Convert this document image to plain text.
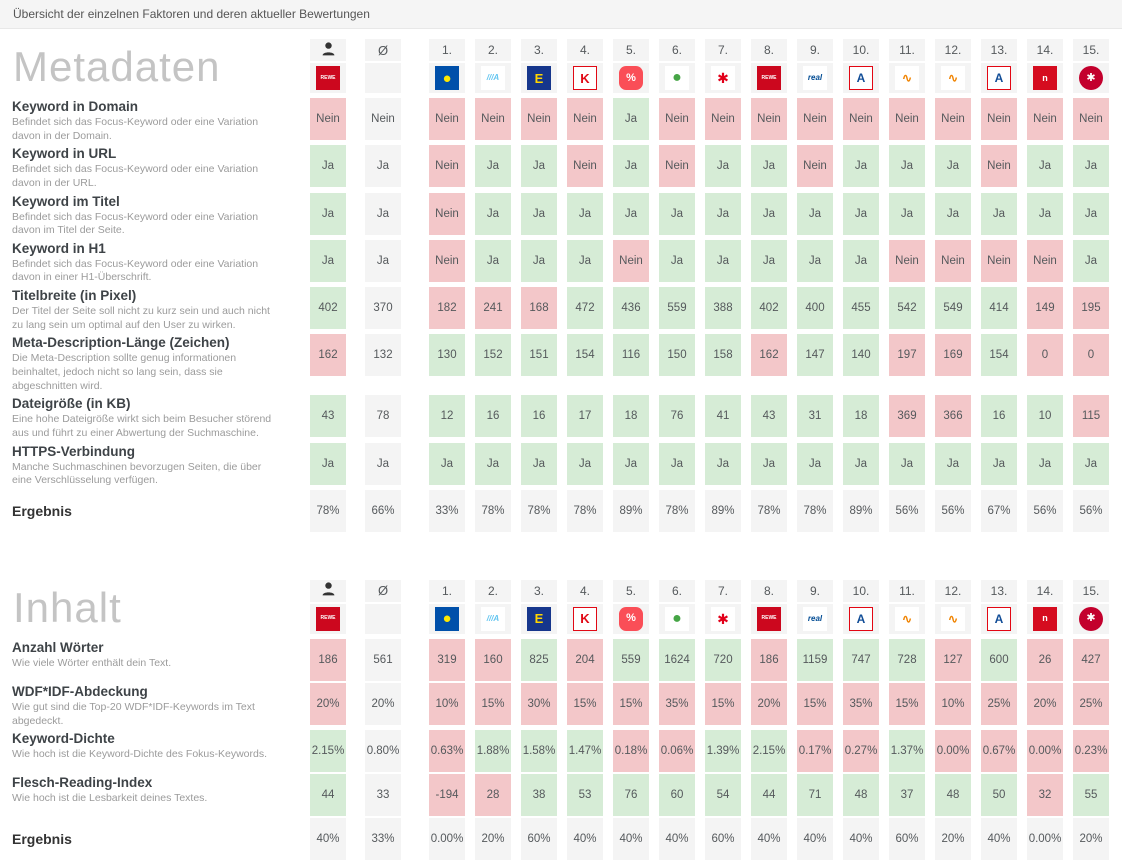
Übersicht der einzelnen Faktoren und deren aktueller Bewertungen
Metadaten	Ø	1.	2.	3.	4.	5.	6.	7.	8.	9.	10.	11.	12.	13.	14.	15.
REWE	●	///A	E	K	%	●	✱	REWE	real	A	∿	∿	A	n	✱
Keyword in Domain

Befindet sich das Focus-Keyword oder eine Variation davon in der Domain.

Nein	Nein	Nein	Nein	Nein	Nein	Ja	Nein	Nein	Nein	Nein	Nein	Nein	Nein	Nein	Nein	Nein
Keyword in URL

Befindet sich das Focus-Keyword oder eine Variation davon in der URL.

Ja	Ja	Nein	Ja	Ja	Nein	Ja	Nein	Ja	Ja	Nein	Ja	Ja	Ja	Nein	Ja	Ja
Keyword im Titel

Befindet sich das Focus-Keyword oder eine Variation davon im Titel der Seite.

Ja	Ja	Nein	Ja	Ja	Ja	Ja	Ja	Ja	Ja	Ja	Ja	Ja	Ja	Ja	Ja	Ja
Keyword in H1

Befindet sich das Focus-Keyword oder eine Variation davon in einer H1-Überschrift.

Ja	Ja	Nein	Ja	Ja	Ja	Nein	Ja	Ja	Ja	Ja	Ja	Nein	Nein	Nein	Nein	Ja
Titelbreite (in Pixel)

Der Titel der Seite soll nicht zu kurz sein und auch nicht zu lang sein um optimal auf den User zu wirken.

402	370	182	241	168	472	436	559	388	402	400	455	542	549	414	149	195
Meta-Description-Länge (Zeichen)

Die Meta-Description sollte genug informationen beinhaltet, jedoch nicht so lang sein, dass sie abgeschnitten wird.

162	132	130	152	151	154	116	150	158	162	147	140	197	169	154	0	0
Dateigröße (in KB)

Eine hohe Dateigröße wirkt sich beim Besucher störend aus und führt zu einer Abwertung der Suchmaschine.

43	78	12	16	16	17	18	76	41	43	31	18	369	366	16	10	115
HTTPS-Verbindung

Manche Suchmaschinen bevorzugen Seiten, die über eine Verschlüsselung verfügen.

Ja	Ja	Ja	Ja	Ja	Ja	Ja	Ja	Ja	Ja	Ja	Ja	Ja	Ja	Ja	Ja	Ja
Ergebnis	78%	66%	33%	78%	78%	78%	89%	78%	89%	78%	78%	89%	56%	56%	67%	56%	56%
Inhalt	Ø	1.	2.	3.	4.	5.	6.	7.	8.	9.	10.	11.	12.	13.	14.	15.
REWE	●	///A	E	K	%	●	✱	REWE	real	A	∿	∿	A	n	✱
Anzahl Wörter

Wie viele Wörter enthält dein Text.	186	561	319	160	825	204	559	1624	720	186	1159	747	728	127	600	26	427
WDF*IDF-Abdeckung

Wie gut sind die Top-20 WDF*IDF-Keywords im Text abgedeckt.

20%	20%	10%	15%	30%	15%	15%	35%	15%	20%	15%	35%	15%	10%	25%	20%	25%
Keyword-Dichte

Wie hoch ist die Keyword-Dichte des Fokus-Keywords.	2.15% 0.80%	0.63% 1.88% 1.58% 1.47% 0.18% 0.06% 1.39% 2.15% 0.17% 0.27% 1.37% 0.00% 0.67% 0.00% 0.23%
Flesch-Reading-Index

Wie hoch ist die Lesbarkeit deines Textes.	44	33	-194	28	38	53	76	60	54	44	71	48	37	48	50	32	55
Ergebnis	40%	33%	0.00%	20%	60%	40%	40%	40%	60%	40%	40%	40%	60%	20%	40%	0.00%	20%
